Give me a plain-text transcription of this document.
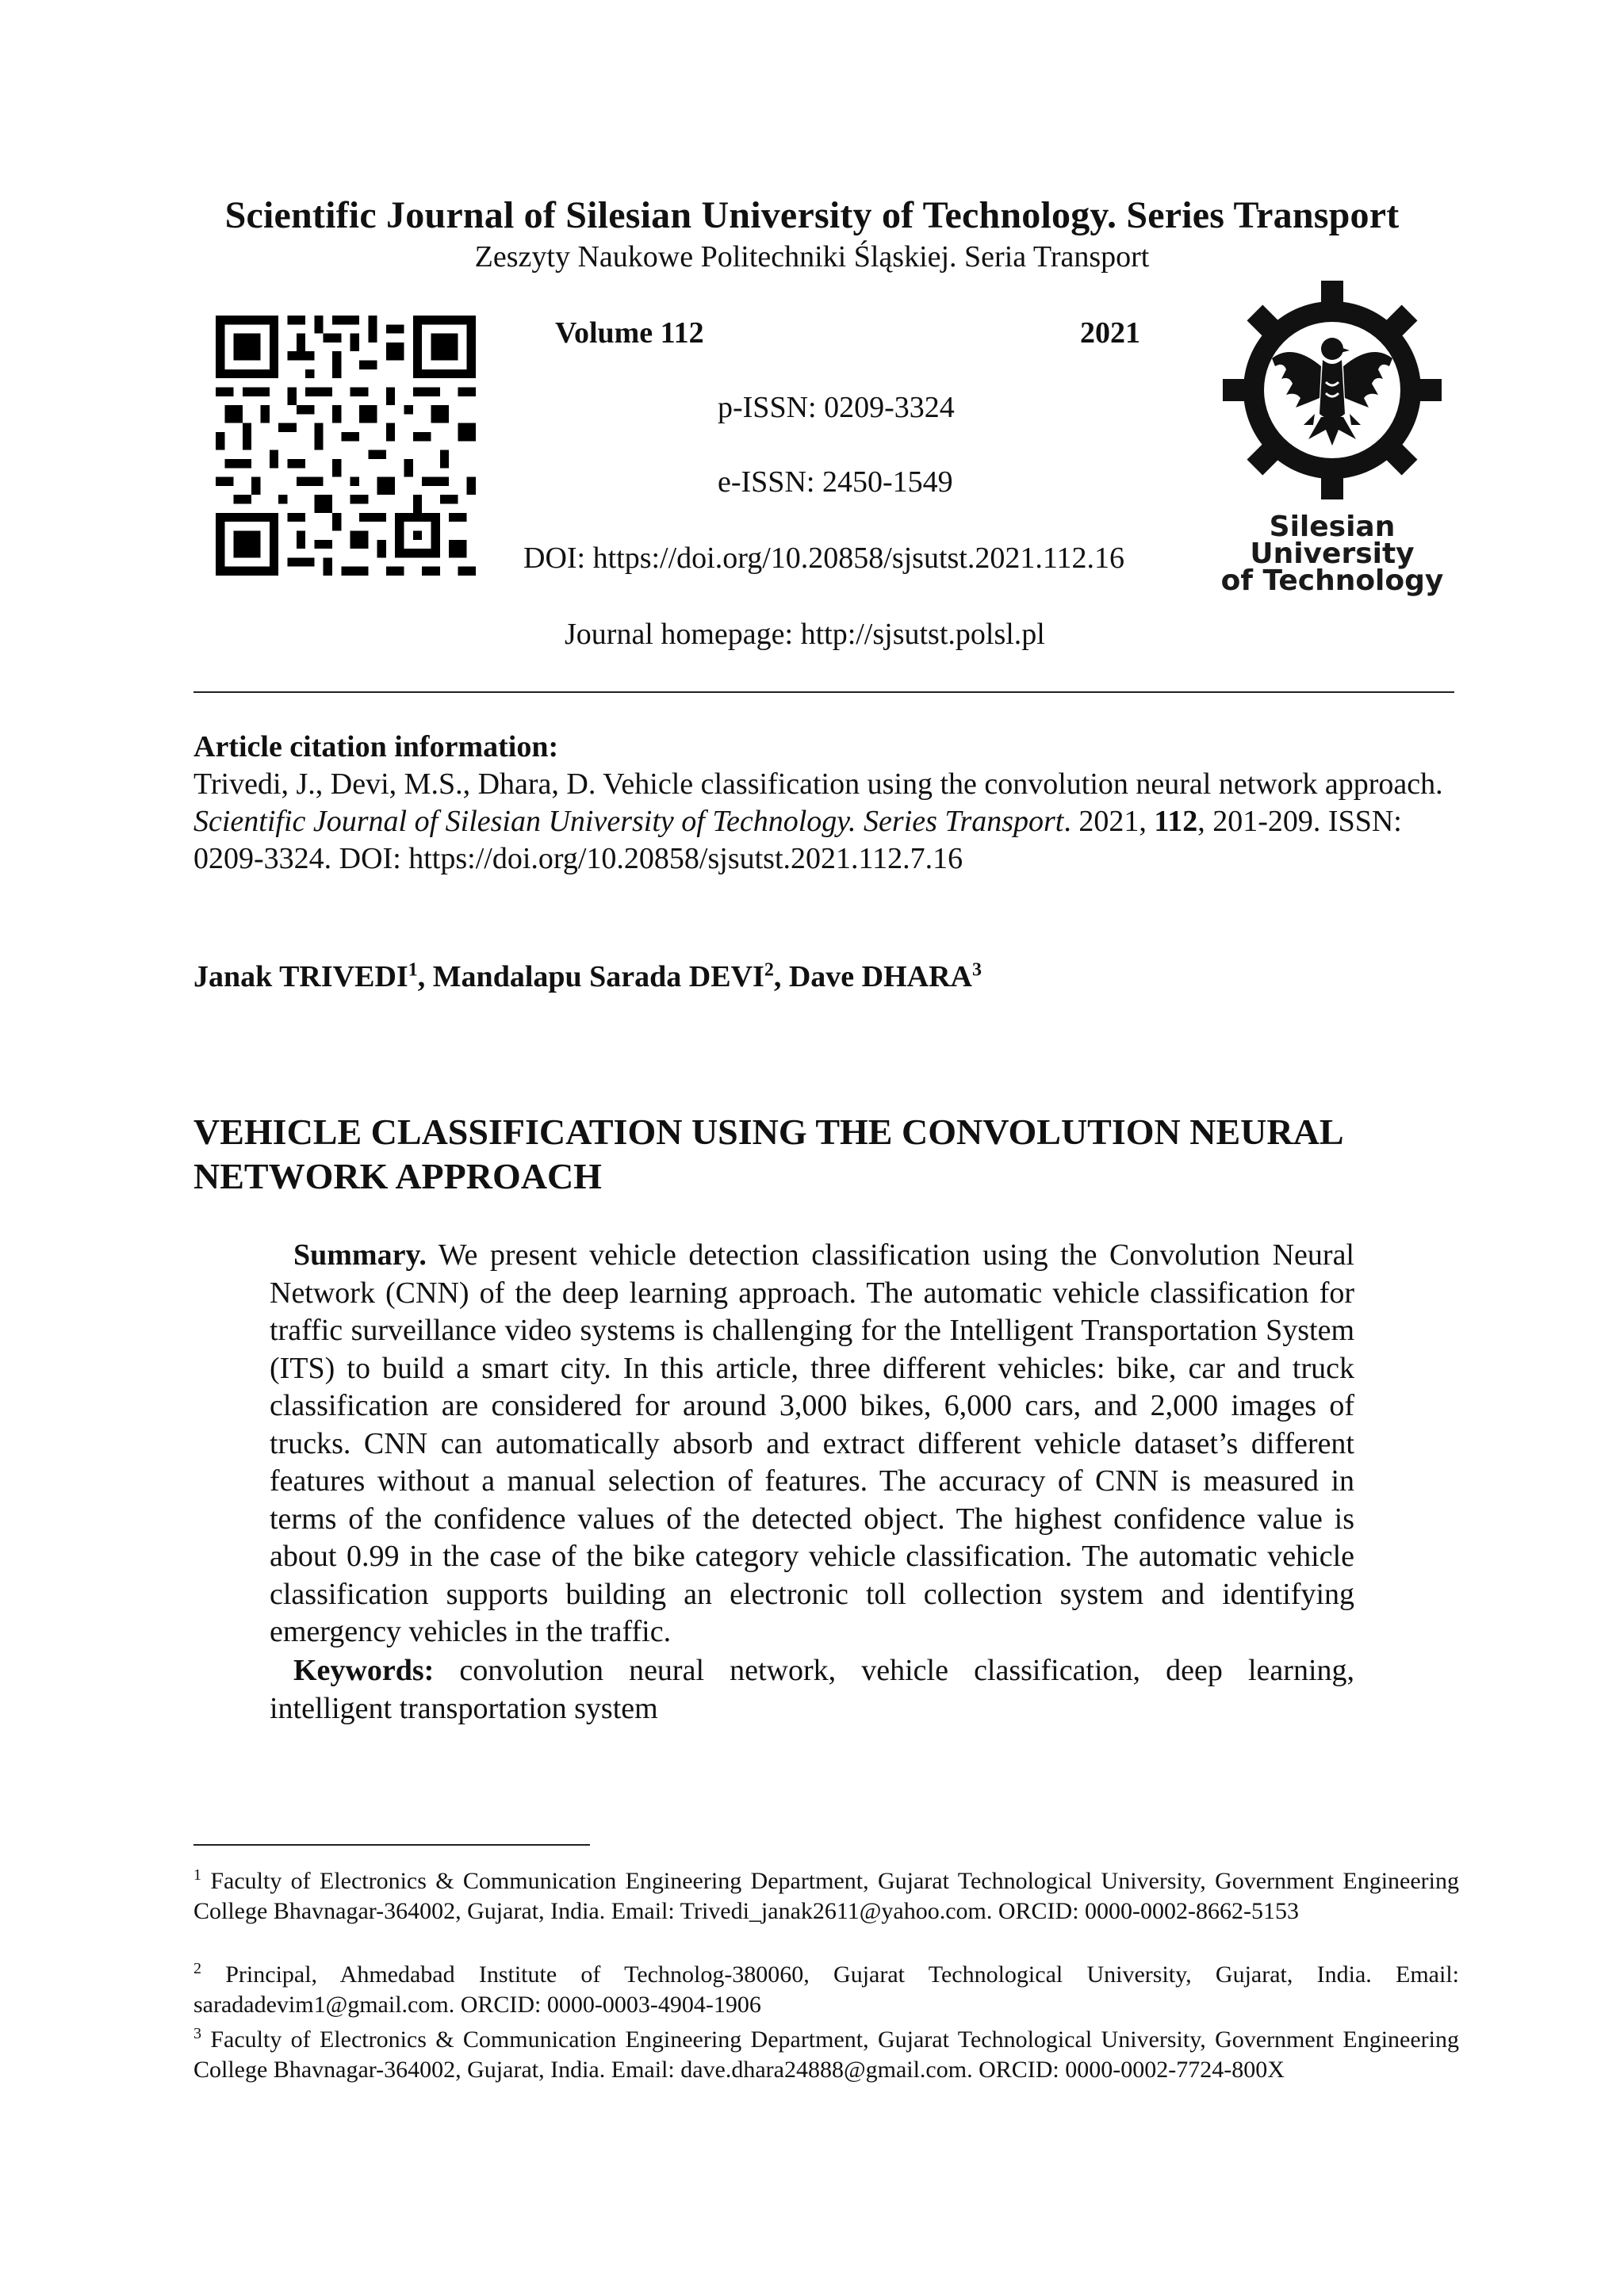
Scientific Journal of Silesian University of Technology. Series Transport
Zeszyty Naukowe Politechniki Śląskiej. Seria Transport
Volume 112	2021
p-ISSN: 0209-3324
e-ISSN: 2450-1549
DOI: https://doi.org/10.20858/sjsutst.2021.112.16
Journal homepage: http://sjsutst.polsl.pl
Silesian
University
of Technology
Article citation information:
Trivedi, J., Devi, M.S., Dhara, D. Vehicle classification using the convolution neural network approach. Scientific Journal of Silesian University of Technology. Series Transport. 2021, 112, 201-209. ISSN: 0209-3324. DOI: https://doi.org/10.20858/sjsutst.2021.112.7.16
Janak TRIVEDI$^1$, Mandalapu Sarada DEVI$^2$, Dave DHARA$^3$
VEHICLE CLASSIFICATION USING THE CONVOLUTION NEURAL NETWORK APPROACH
Summary. We present vehicle detection classification using the Convolution Neural Network (CNN) of the deep learning approach. The automatic vehicle classification for traffic surveillance video systems is challenging for the Intelligent Transportation System (ITS) to build a smart city. In this article, three different vehicles: bike, car and truck classification are considered for around 3,000 bikes, 6,000 cars, and 2,000 images of trucks. CNN can automatically absorb and extract different vehicle dataset’s different features without a manual selection of features. The accuracy of CNN is measured in terms of the confidence values of the detected object. The highest confidence value is about 0.99 in the case of the bike category vehicle classification. The automatic vehicle classification supports building an electronic toll collection system and identifying emergency vehicles in the traffic.
Keywords: convolution neural network, vehicle classification, deep learning, intelligent transportation system
$^1$ Faculty of Electronics & Communication Engineering Department, Gujarat Technological University, Government Engineering College Bhavnagar-364002, Gujarat, India. Email: Trivedi_janak2611@yahoo.com. ORCID: 0000-0002-8662-5153
$^2$ Principal, Ahmedabad Institute of Technolog-380060, Gujarat Technological University, Gujarat, India. Email: saradadevim1@gmail.com. ORCID: 0000-0003-4904-1906
$^3$ Faculty of Electronics & Communication Engineering Department, Gujarat Technological University, Government Engineering College Bhavnagar-364002, Gujarat, India. Email: dave.dhara24888@gmail.com. ORCID: 0000-0002-7724-800X
